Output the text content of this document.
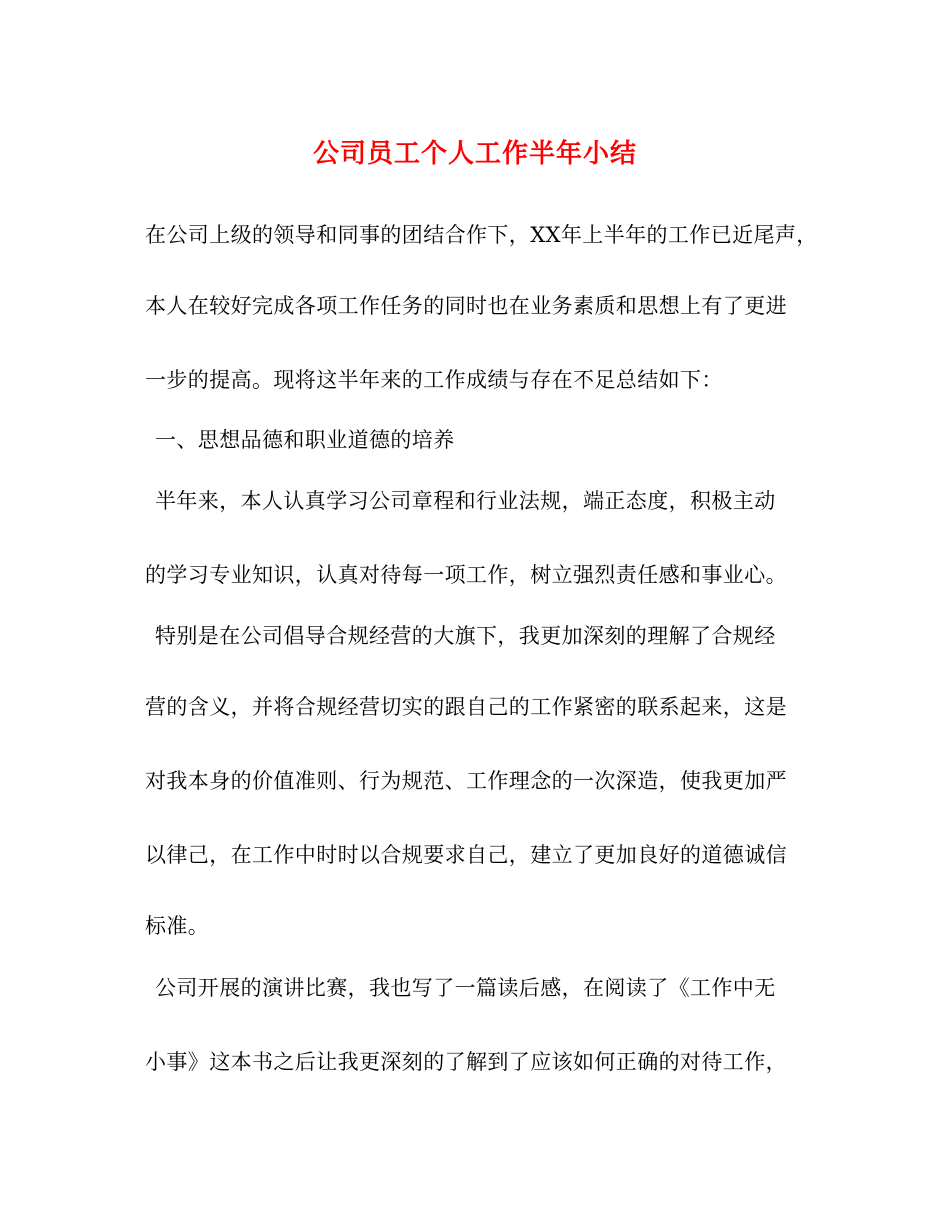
公司员工个人工作半年小结
在公司上级的领导和同事的团结合作下，XX年上半年的工作已近尾声，
本人在较好完成各项工作任务的同时也在业务素质和思想上有了更进
一步的提高。现将这半年来的工作成绩与存在不足总结如下：
一、思想品德和职业道德的培养
半年来，本人认真学习公司章程和行业法规，端正态度，积极主动
的学习专业知识，认真对待每一项工作，树立强烈责任感和事业心。
特别是在公司倡导合规经营的大旗下，我更加深刻的理解了合规经
营的含义，并将合规经营切实的跟自己的工作紧密的联系起来，这是
对我本身的价值准则、行为规范、工作理念的一次深造，使我更加严
以律己，在工作中时时以合规要求自己，建立了更加良好的道德诚信
标准。
公司开展的演讲比赛，我也写了一篇读后感，在阅读了《工作中无
小事》这本书之后让我更深刻的了解到了应该如何正确的对待工作，
